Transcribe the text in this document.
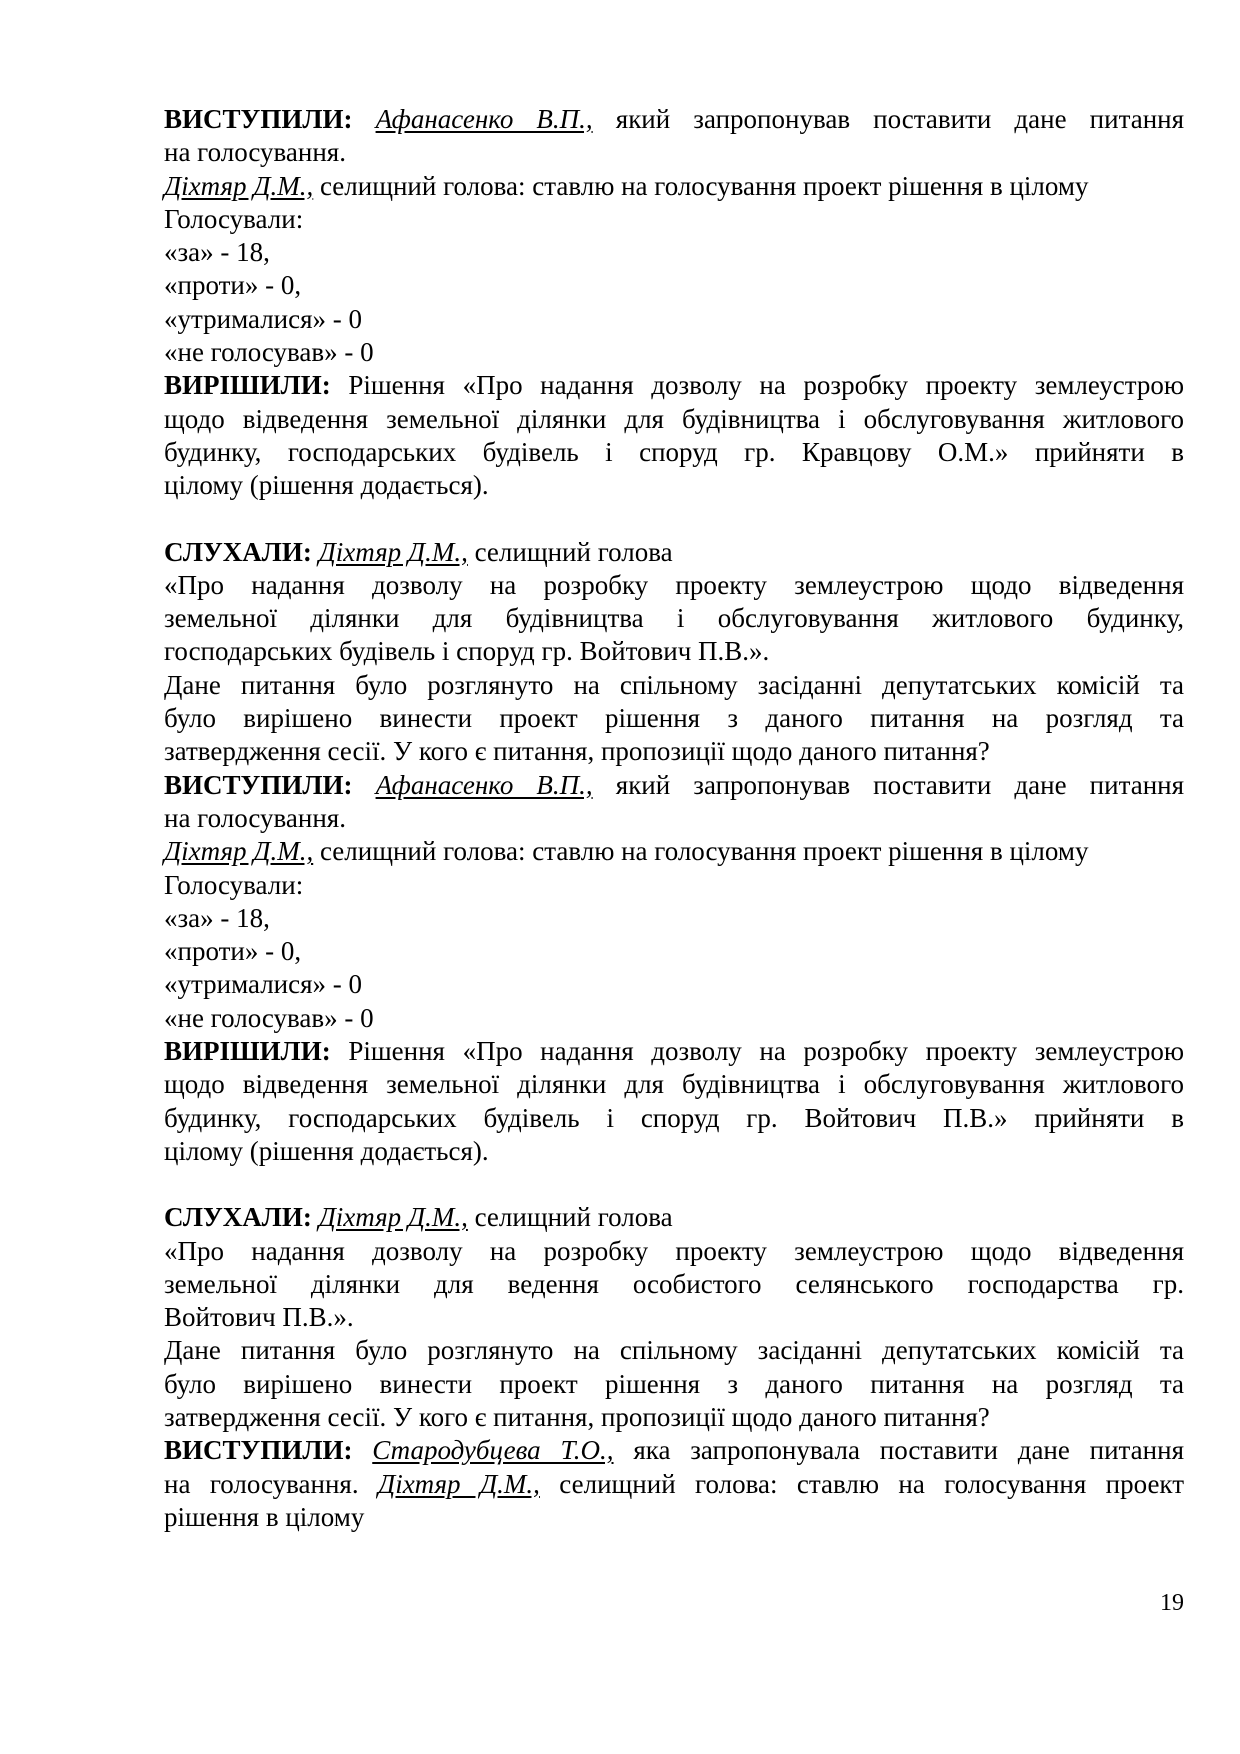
ВИСТУПИЛИ: Афанасенко В.П., який запропонував поставити дане питання
на голосування.
Діхтяр Д.М., селищний голова: ставлю на голосування проект рішення в цілому
Голосували:
«за» - 18,
«проти» - 0,
«утрималися» - 0
«не голосував» - 0
ВИРІШИЛИ: Рішення «Про надання дозволу на розробку проекту землеустрою
щодо відведення земельної ділянки для будівництва і обслуговування житлового
будинку, господарських будівель і споруд гр. Кравцову О.М.» прийняти в
цілому (рішення додається).
СЛУХАЛИ: Діхтяр Д.М., селищний голова
«Про надання дозволу на розробку проекту землеустрою щодо відведення
земельної ділянки для будівництва і обслуговування житлового будинку,
господарських будівель і споруд гр. Войтович П.В.».
Дане питання було розглянуто на спільному засіданні депутатських комісій та
було вирішено винести проект рішення з даного питання на розгляд та
затвердження сесії. У кого є питання, пропозиції щодо даного питання?
ВИСТУПИЛИ: Афанасенко В.П., який запропонував поставити дане питання
на голосування.
Діхтяр Д.М., селищний голова: ставлю на голосування проект рішення в цілому
Голосували:
«за» - 18,
«проти» - 0,
«утрималися» - 0
«не голосував» - 0
ВИРІШИЛИ: Рішення «Про надання дозволу на розробку проекту землеустрою
щодо відведення земельної ділянки для будівництва і обслуговування житлового
будинку, господарських будівель і споруд гр. Войтович П.В.» прийняти в
цілому (рішення додається).
СЛУХАЛИ: Діхтяр Д.М., селищний голова
«Про надання дозволу на розробку проекту землеустрою щодо відведення
земельної ділянки для ведення особистого селянського господарства гр.
Войтович П.В.».
Дане питання було розглянуто на спільному засіданні депутатських комісій та
було вирішено винести проект рішення з даного питання на розгляд та
затвердження сесії. У кого є питання, пропозиції щодо даного питання?
ВИСТУПИЛИ: Стародубцева Т.О., яка запропонувала поставити дане питання
на голосування. Діхтяр Д.М., селищний голова: ставлю на голосування проект
рішення в цілому
19
